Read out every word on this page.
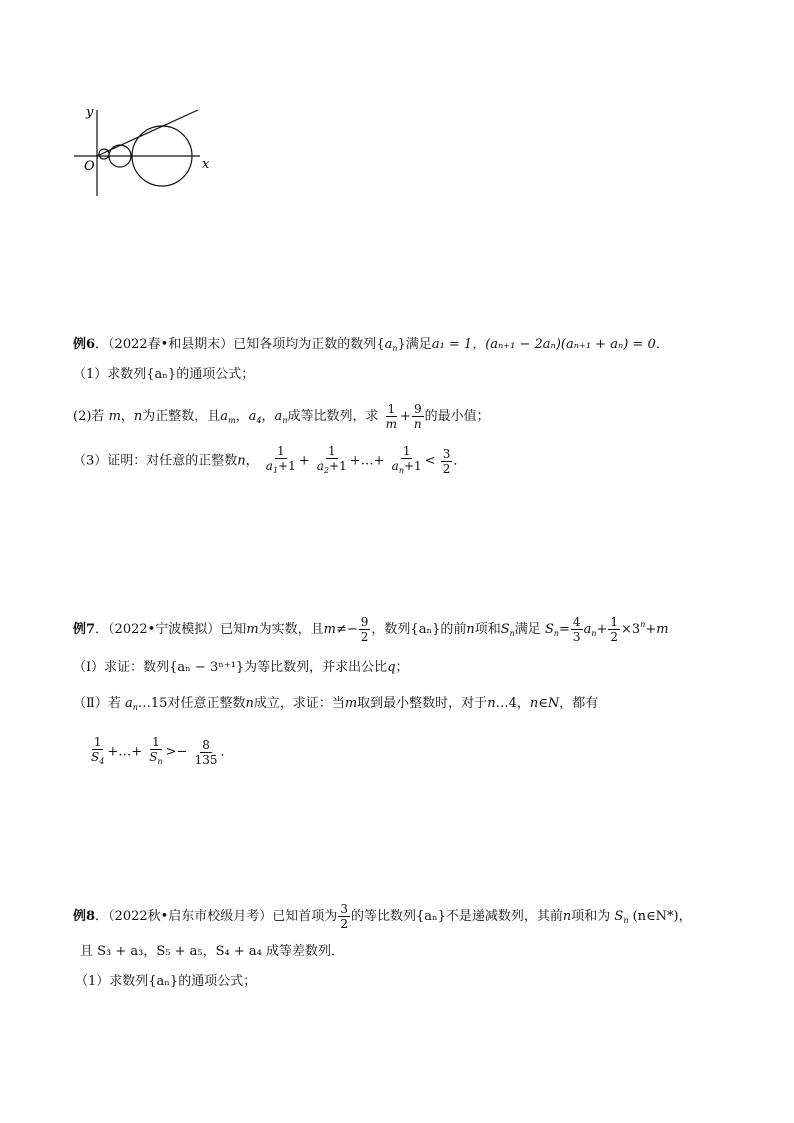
y
x
O
例6．（2022春•和县期末）已知各项均为正数的数列$\{a_n\}$满足a₁ = 1，(aₙ₊₁ − 2aₙ)(aₙ₊₁ + aₙ) = 0．
（1）求数列{aₙ}的通项公式；
(2)若 m，n为正整数，且$a_m$，$a_4$，$a_n$成等比数列，求 $\frac{1}{m} + \frac{9}{n}$ 的最小值；
（3）证明：对任意的正整数n， $\frac{1}{a_1+1} + \frac{1}{a_2+1}$ +…+ $\frac{1}{a_n+1} < \frac{3}{2}$ ．
例7．（2022•宁波模拟）已知m为实数，且$m\ne- \frac{9}{2}$ ，数列{aₙ}的前n项和$S_n$满足 $S_n= \frac{4}{3} a_n+ \frac{1}{2} \times 3^n+m$
（Ⅰ）求证：数列{aₙ − 3ⁿ⁺¹}为等比数列，并求出公比q；
（Ⅱ）若 $a_n\dots 15$对任意正整数n成立，求证：当m取到最小整数时，对于n…4，n∈N，都有
$\frac{1}{S_4}$ +…+ $\frac{1}{S_n} >- \frac{8}{135}$ ．
例8．（2022秋•启东市校级月考）已知首项为 $\frac{3}{2}$ 的等比数列{aₙ}不是递减数列，其前n项和为 $S_n$ (n∈N*)，
且 S₃ + a₃，S₅ + a₅，S₄ + a₄ 成等差数列．
（1）求数列{aₙ}的通项公式；
